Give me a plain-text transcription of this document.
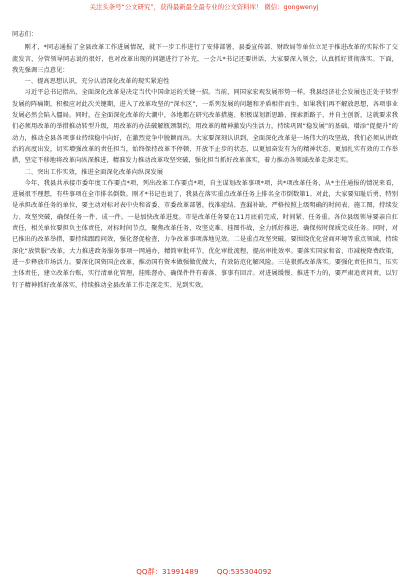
关注头条号“公文研究”，获得最新最全最专业的公文资料库！ 微信：gongwenyj

同志们：

刚才，*同志通报了全县改革工作进展情况，就下一步工作进行了安排部署，县委宣传部、财政局等单位立足于推进改革的实际作了交流发言，分管领导同志说的很好，也对改革出现的问题进行了补充，一会儿*书记还要讲话，大家要深入领会，认真抓好贯彻落实。下面，我先强调三点意见：

一、提高思想认识，充分认清深化改革的现实紧迫性

习近平总书记指出，全面深化改革是决定当代中国命运的关键一招。当前，同国家宏观发展形势一样，我县经济社会发展也正处于转型发展的阵痛期，积极应对此次关键期，进入了改革攻坚的“深水区”，一系列发展的问题和矛盾相伴而生，如果我们再不解放思想，各项事业发展必然会陷入僵局。同时，在全面深化改革的大潮中，各地都在研究改革措施、积极谋划新思路、探索新路子，并自主创新，这就要求我们必须用改革的举措推动转型升级，用改革的办法破解瓶颈制约，用改革的精神激发内生活力，持续巩固“稳发展”的基础，增添“促提升”的动力，推动全县各项事业持续稳中向好，在激烈竞争中脱颖而出。大家要深刻认识到，全面深化改革是一场伟大的攻坚战，我们必须从讲政治的高度出发，切实增强改革的责任担当，始终保持改革不停顿、开放不止步的状态，以更加奋发有为的精神状态、更加扎实有效的工作举措，坚定不移地将改革向纵深推进，精准发力推动改革攻坚突破，强化担当抓好改革落实，着力推动各领域改革走深走实。

二、突出工作实效，推进全面深化改革向纵深发展

今年，我县共承接市委年度工作要点*项，列出改革工作要点*项，自主谋划改革事项*项，共*项改革任务，从*主任通报的情况来看，进展很不理想，有些事项在全市排名倒数。刚才*书记也说了，我县在落实重点改革任务上排名全市倒数第1。对此，大家要知耻后勇，特别是承担改革任务的单位，要主动对标对表中央和省委、市委改革部署，找准症结、查漏补缺，严格按照上级明确的时间表、施工图，持续发力、攻坚突破，确保任务一件、成一件。一是加快改革进度。市是改革任务要在11月底前完成，时间紧、任务重。各位县级领导要亲自扛责任，相关单位要担负主体责任，对标时间节点，聚焦改革任务，攻坚克难、挂图作战，全力抓好推进，确保按时保质完成任务。同时，对已推出的改革举措，要持续跟踪问效，强化督促检查，力争改革事项落地见效。二是重点攻坚突破。要围绕优化营商环境等重点领域，持续深化“放管服”改革，大力推进政务服务事项一网通办，精简审批环节，优化审批流程，提高审批效率。要落实国家和省、市减税降费政策，进一步释放市场活力。要深化国资国企改革，推动国有资本做强做优做大，有效防范化解风险。三是狠抓改革落实。要强化责任担当，压实主体责任，建立改革台账，实行清单化管理，挂账督办，确保件件有着落、事事有回音。对进展缓慢、推进不力的，要严肃追责问责，以钉钉子精神抓好改革落实，持续推动全县改革工作走深走实、见到实效。

QQ群：31991489	QQ:535304092
